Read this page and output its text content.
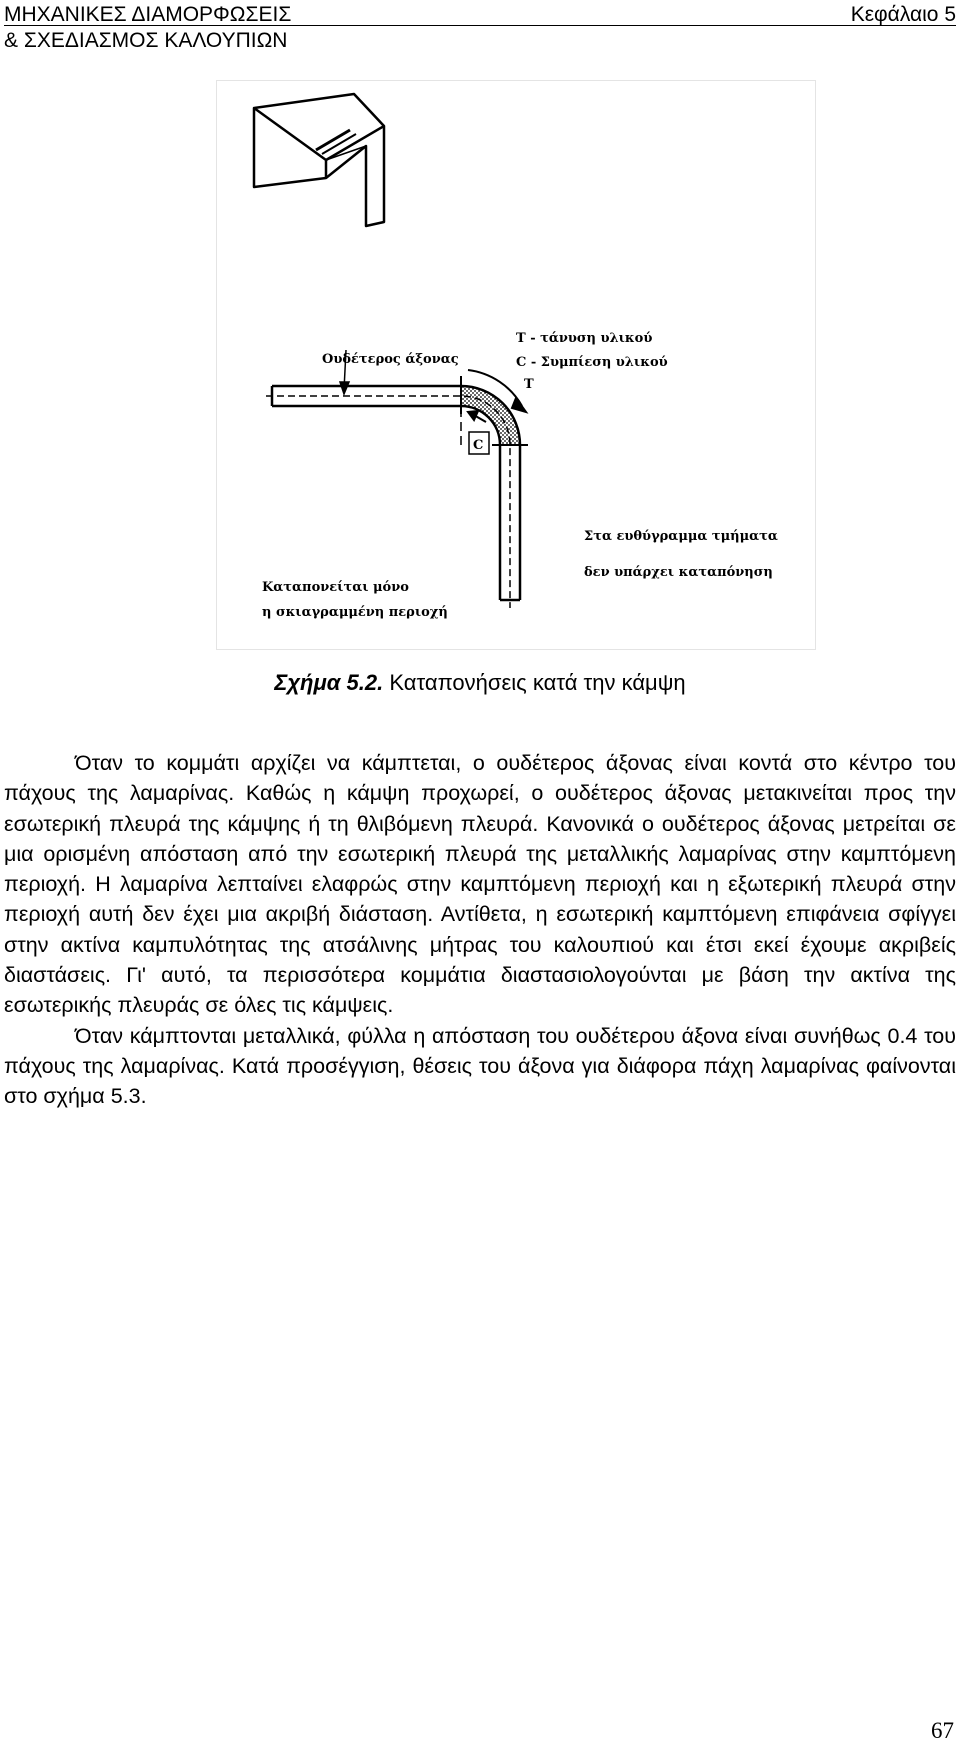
ΜΗΧΑΝΙΚΕΣ ΔΙΑΜΟΡΦΩΣΕΙΣ
& ΣΧΕΔΙΑΣΜΟΣ ΚΑΛΟΥΠΙΩΝ
Κεφάλαιο 5
Ουδέτερος άξονας
T - τάνυση υλικού
C - Συμπίεση υλικού
T
C
Στα ευθύγραμμα τμήματα
δεν υπάρχει καταπόνηση
Καταπονείται μόνο
η σκιαγραμμένη περιοχή
Σχήμα 5.2. Καταπονήσεις κατά την κάμψη

Όταν το κομμάτι αρχίζει να κάμπτεται, ο ουδέτερος άξονας είναι κοντά στο κέντρο του πάχους της λαμαρίνας. Καθώς η κάμψη προχωρεί, ο ουδέτερος άξονας μετακινείται προς την εσωτερική πλευρά της κάμψης ή τη θλιβόμενη πλευρά. Κανονικά ο ουδέτερος άξονας μετρείται σε μια ορισμένη απόσταση από την εσωτερική πλευρά της μεταλλικής λαμαρίνας στην καμπτόμενη περιοχή. Η λαμαρίνα λεπταίνει ελαφρώς στην καμπτόμενη περιοχή και η εξωτερική πλευρά στην περιοχή αυτή δεν έχει μια ακριβή διάσταση. Αντίθετα, η εσωτερική καμπτόμενη επιφάνεια σφίγγει στην ακτίνα καμπυλότητας της ατσάλινης μήτρας του καλουπιού και έτσι εκεί έχουμε ακριβείς διαστάσεις. Γι' αυτό, τα περισσότερα κομμάτια διαστασιολογούνται με βάση την ακτίνα της εσωτερικής πλευράς σε όλες τις κάμψεις.

Όταν κάμπτονται μεταλλικά, φύλλα η απόσταση του ουδέτερου άξονα είναι συνήθως 0.4 του πάχους της λαμαρίνας. Κατά προσέγγιση, θέσεις του άξονα για διάφορα πάχη λαμαρίνας φαίνονται στο σχήμα 5.3.

67
